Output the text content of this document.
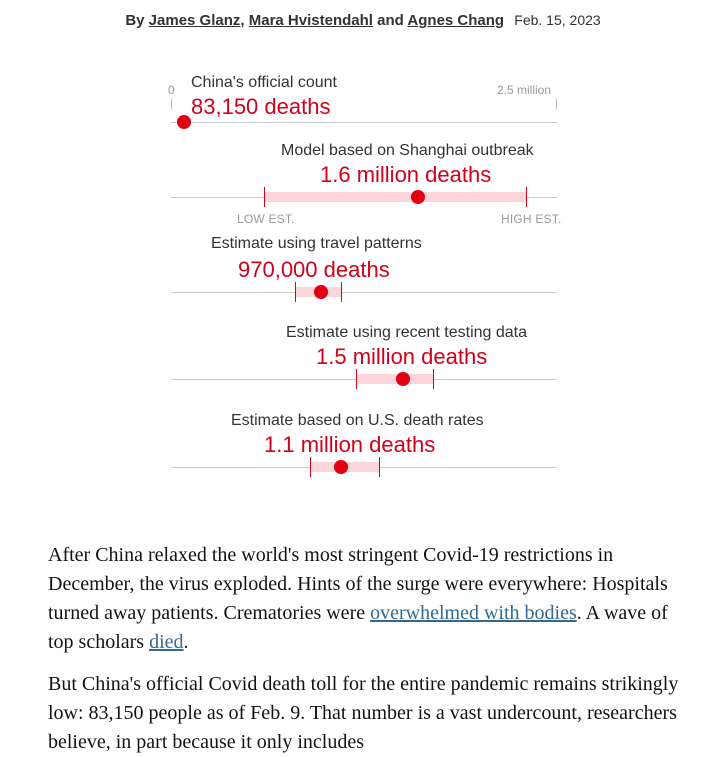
By James Glanz, Mara Hvistendahl and Agnes Chang Feb. 15, 2023
0	2.5 million
China's official count
83,150 deaths
Model based on Shanghai outbreak
1.6 million deaths
LOW EST.	HIGH EST.
Estimate using travel patterns
970,000 deaths
Estimate using recent testing data
1.5 million deaths
Estimate based on U.S. death rates
1.1 million deaths

After China relaxed the world's most stringent Covid-19 restrictions in December, the virus exploded. Hints of the surge were everywhere: Hospitals turned away patients. Crematories were overwhelmed with bodies. A wave of top scholars died.

But China's official Covid death toll for the entire pandemic remains strikingly low: 83,150 people as of Feb. 9. That number is a vast undercount, researchers believe, in part because it only includes
